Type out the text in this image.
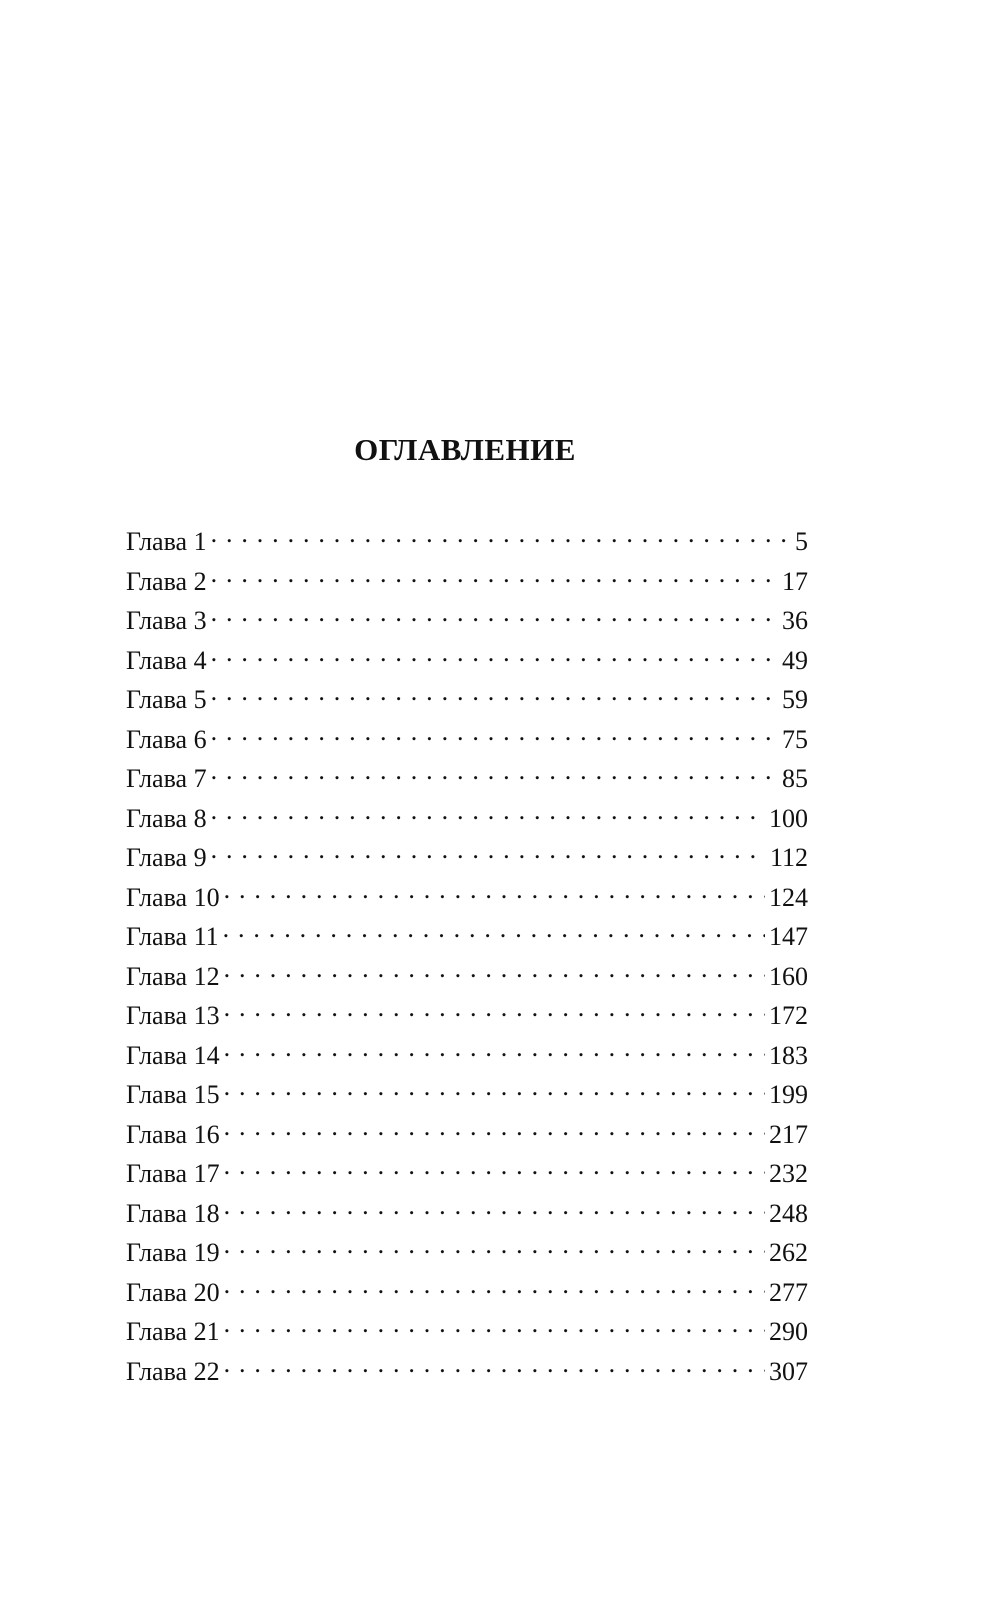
ОГЛАВЛЕНИЕ
Глава 1 . . .	5
Глава 2 . . .	17
Глава 3 . . .	36
Глава 4 . . .	49
Глава 5 . . .	59
Глава 6 . . .	75
Глава 7 . . .	85
Глава 8 . . .	100
Глава 9 . . .	112
Глава 10 . . .	124
Глава 11 . . .	147
Глава 12 . . .	160
Глава 13 . . .	172
Глава 14 . . .	183
Глава 15 . . .	199
Глава 16 . . .	217
Глава 17 . . .	232
Глава 18 . . .	248
Глава 19 . . .	262
Глава 20 . . .	277
Глава 21 . . .	290
Глава 22 . . .	307
